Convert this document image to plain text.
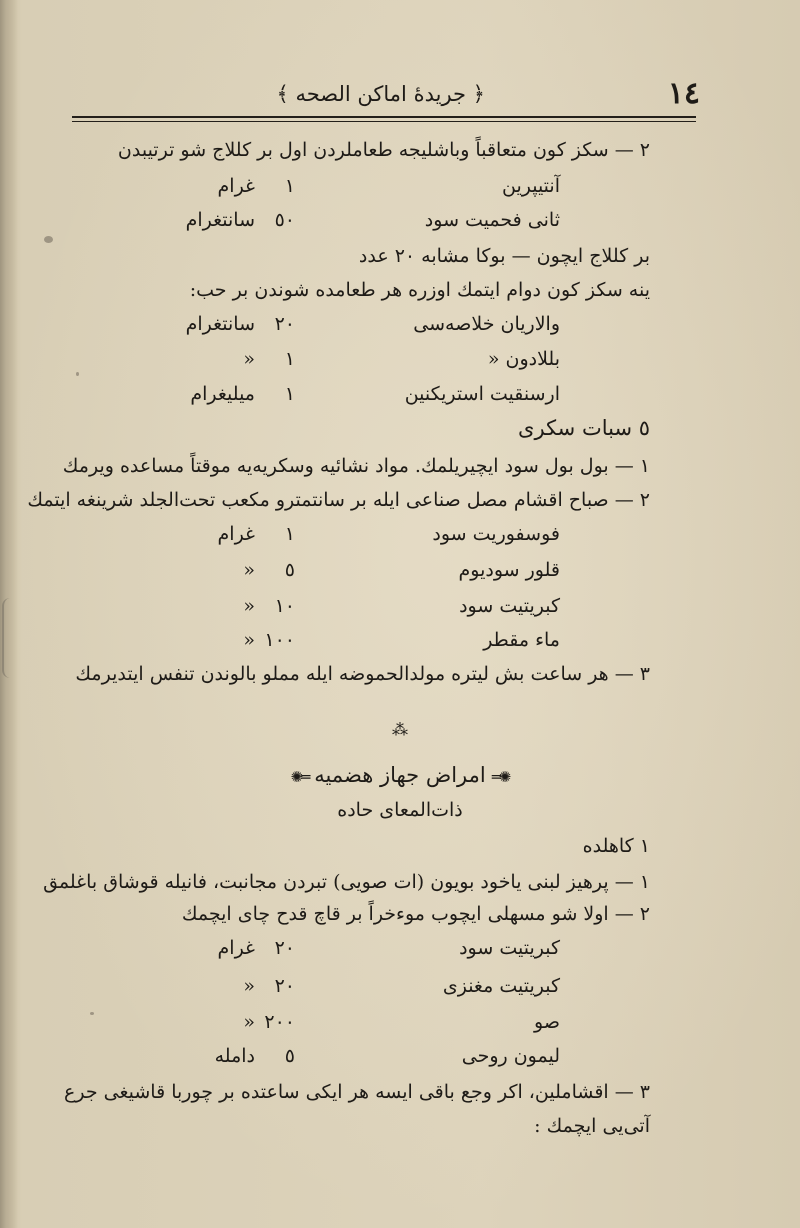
١٤
﴿ جريدهٔ اماكن الصحه ﴾
٢ — سكز كون متعاقباً وباشليجه طعاملردن اول بر كللاج شو ترتيبدن
آنتيپرين
١
غرام
ثانى فحميت سود
٥٠
سانتغرام
بر كللاج ايچون — بوكا مشابه ٢٠ عدد
ينه سكز كون دوام ايتمك اوزره هر طعامده شوندن بر حب:
والاريان خلاصه‌سى
٢٠
سانتغرام
بللادون «
١
«
ارسنقيت استريكنين
١
ميليغرام
٥ سبات سكرى
١ — بول بول سود ايچيريلمك. مواد نشائيه وسكريه‌يه موقتاً مساعده ويرمك
٢ — صباح اقشام مصل صناعى ايله بر سانتمترو مكعب تحت‌الجلد شرينغه ايتمك
فوسفوريت سود
١
غرام
قلور سوديوم
٥
«
كبريتيت سود
١٠
«
ماء مقطر
١٠٠
«
٣ — هر ساعت بش ليتره مولدالحموضه ايله مملو بالوندن تنفس ايتديرمك
⁂
✺═امراض جهاز هضميه═✺
ذات‌المعاى حاده
١ كاهلده
١ — پرهيز لبنى ياخود بويون (ات صويى) تبردن مجانبت، فانيله قوشاق باغلمق
٢ — اولا شو مسهلى ايچوب موءخراً بر قاچ قدح چاى ايچمك
كبريتيت سود
٢٠
غرام
كبريتيت مغنزى
٢٠
«
صو
٢٠٠
«
ليمون روحى
٥
دامله
٣ — اقشاملين، اكر وجع باقى ايسه هر ايكى ساعتده بر چوربا قاشيغى جرع
آتى‌يى ايچمك :
